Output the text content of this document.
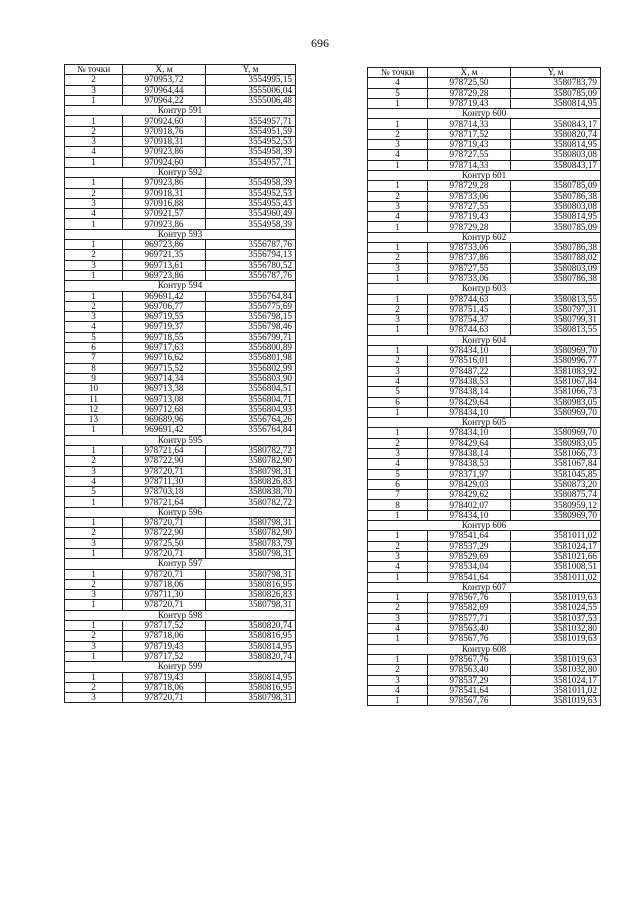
696
№ точки	X, м	Y, м
2	970953,72	3554995,15
3	970964,44	3555006,04
1	970964,22	3555006,48
Контур 591		
1	970924,60	3554957,71
2	970918,76	3554951,59
3	970918,31	3554952,53
4	970923,86	3554958,39
1	970924,60	3554957,71
Контур 592		
1	970923,86	3554958,39
2	970918,31	3554952,53
3	970916,88	3554955,43
4	970921,57	3554960,49
1	970923,86	3554958,39
Контур 593		
1	969723,86	3556787,76
2	969721,35	3556794,13
3	969713,61	3556780,52
1	969723,86	3556787,76
Контур 594		
1	969691,42	3556764,84
2	969706,77	3556775,69
3	969719,55	3556798,15
4	969719,37	3556798,46
5	969718,55	3556799,71
6	969717,63	3556800,89
7	969716,62	3556801,98
8	969715,52	3556802,99
9	969714,34	3556803,90
10	969713,38	3556804,51
11	969713,08	3556804,71
12	969712,68	3556804,93
13	969689,96	3556764,26
1	969691,42	3556764,84
Контур 595		
1	978721,64	3580782,72
2	978722,90	3580782,90
3	978720,71	3580798,31
4	978711,30	3580826,83
5	978703,18	3580838,70
1	978721,64	3580782,72
Контур 596		
1	978720,71	3580798,31
2	978722,90	3580782,90
3	978725,50	3580783,79
1	978720,71	3580798,31
Контур 597		
1	978720,71	3580798,31
2	978718,06	3580816,95
3	978711,30	3580826,83
1	978720,71	3580798,31
Контур 598		
1	978717,52	3580820,74
2	978718,06	3580816,95
3	978719,43	3580814,95
1	978717,52	3580820,74
Контур 599		
1	978719,43	3580814,95
2	978718,06	3580816,95
3	978720,71	3580798,31
№ точки	X, м	Y, м
4	978725,50	3580783,79
5	978729,28	3580785,09
1	978719,43	3580814,95
Контур 600		
1	978714,33	3580843,17
2	978717,52	3580820,74
3	978719,43	3580814,95
4	978727,55	3580803,08
1	978714,33	3580843,17
Контур 601		
1	978729,28	3580785,09
2	978733,06	3580786,38
3	978727,55	3580803,08
4	978719,43	3580814,95
1	978729,28	3580785,09
Контур 602		
1	978733,06	3580786,38
2	978737,86	3580788,02
3	978727,55	3580803,09
1	978733,06	3580786,38
Контур 603		
1	978744,63	3580813,55
2	978751,45	3580797,31
3	978754,37	3580799,31
1	978744,63	3580813,55
Контур 604		
1	978434,10	3580969,70
2	978516,01	3580996,77
3	978487,22	3581083,92
4	978438,53	3581067,84
5	978438,14	3581066,73
6	978429,64	3580983,05
1	978434,10	3580969,70
Контур 605		
1	978434,10	3580969,70
2	978429,64	3580983,05
3	978438,14	3581066,73
4	978438,53	3581067,84
5	978371,97	3581045,85
6	978429,03	3580873,20
7	978429,62	3580875,74
8	978402,07	3580959,12
1	978434,10	3580969,70
Контур 606		
1	978541,64	3581011,02
2	978537,29	3581024,17
3	978529,69	3581021,66
4	978534,04	3581008,51
1	978541,64	3581011,02
Контур 607		
1	978567,76	3581019,63
2	978582,69	3581024,55
3	978577,71	3581037,53
4	978563,40	3581032,80
1	978567,76	3581019,63
Контур 608		
1	978567,76	3581019,63
2	978563,40	3581032,80
3	978537,29	3581024,17
4	978541,64	3581011,02
1	978567,76	3581019,63
